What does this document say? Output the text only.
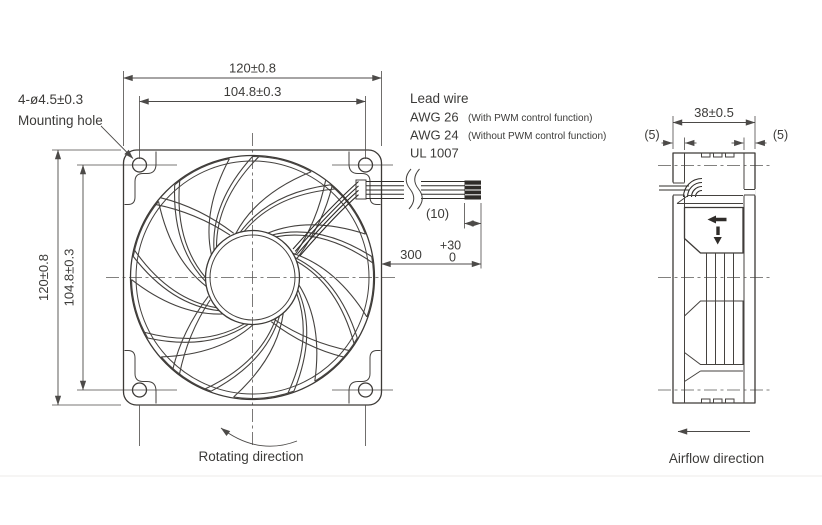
120±0.8
104.8±0.3
120±0.8 104.8±0.3
4-ø4.5±0.3
Mounting hole
Rotating direction
Lead wire
AWG 26 (With PWM control function)
AWG 24 (Without PWM control function)
UL 1007
(10)
300
+30
0
38±0.5
(5)	(5)
Airflow direction
